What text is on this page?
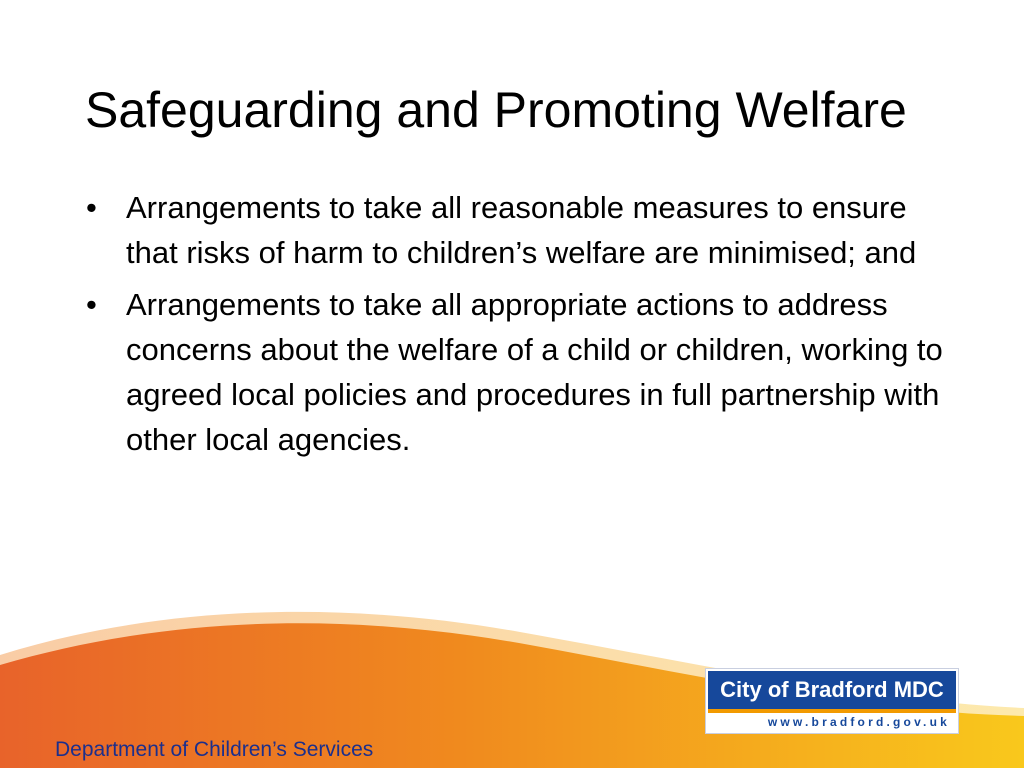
Safeguarding and Promoting Welfare
• Arrangements to take all reasonable measures to ensure that risks of harm to children’s welfare are minimised; and
• Arrangements to take all appropriate actions to address concerns about the welfare of a child or children, working to agreed local policies and procedures in full partnership with other local agencies.
City of Bradford MDC
www.bradford.gov.uk
Department of Children’s Services
